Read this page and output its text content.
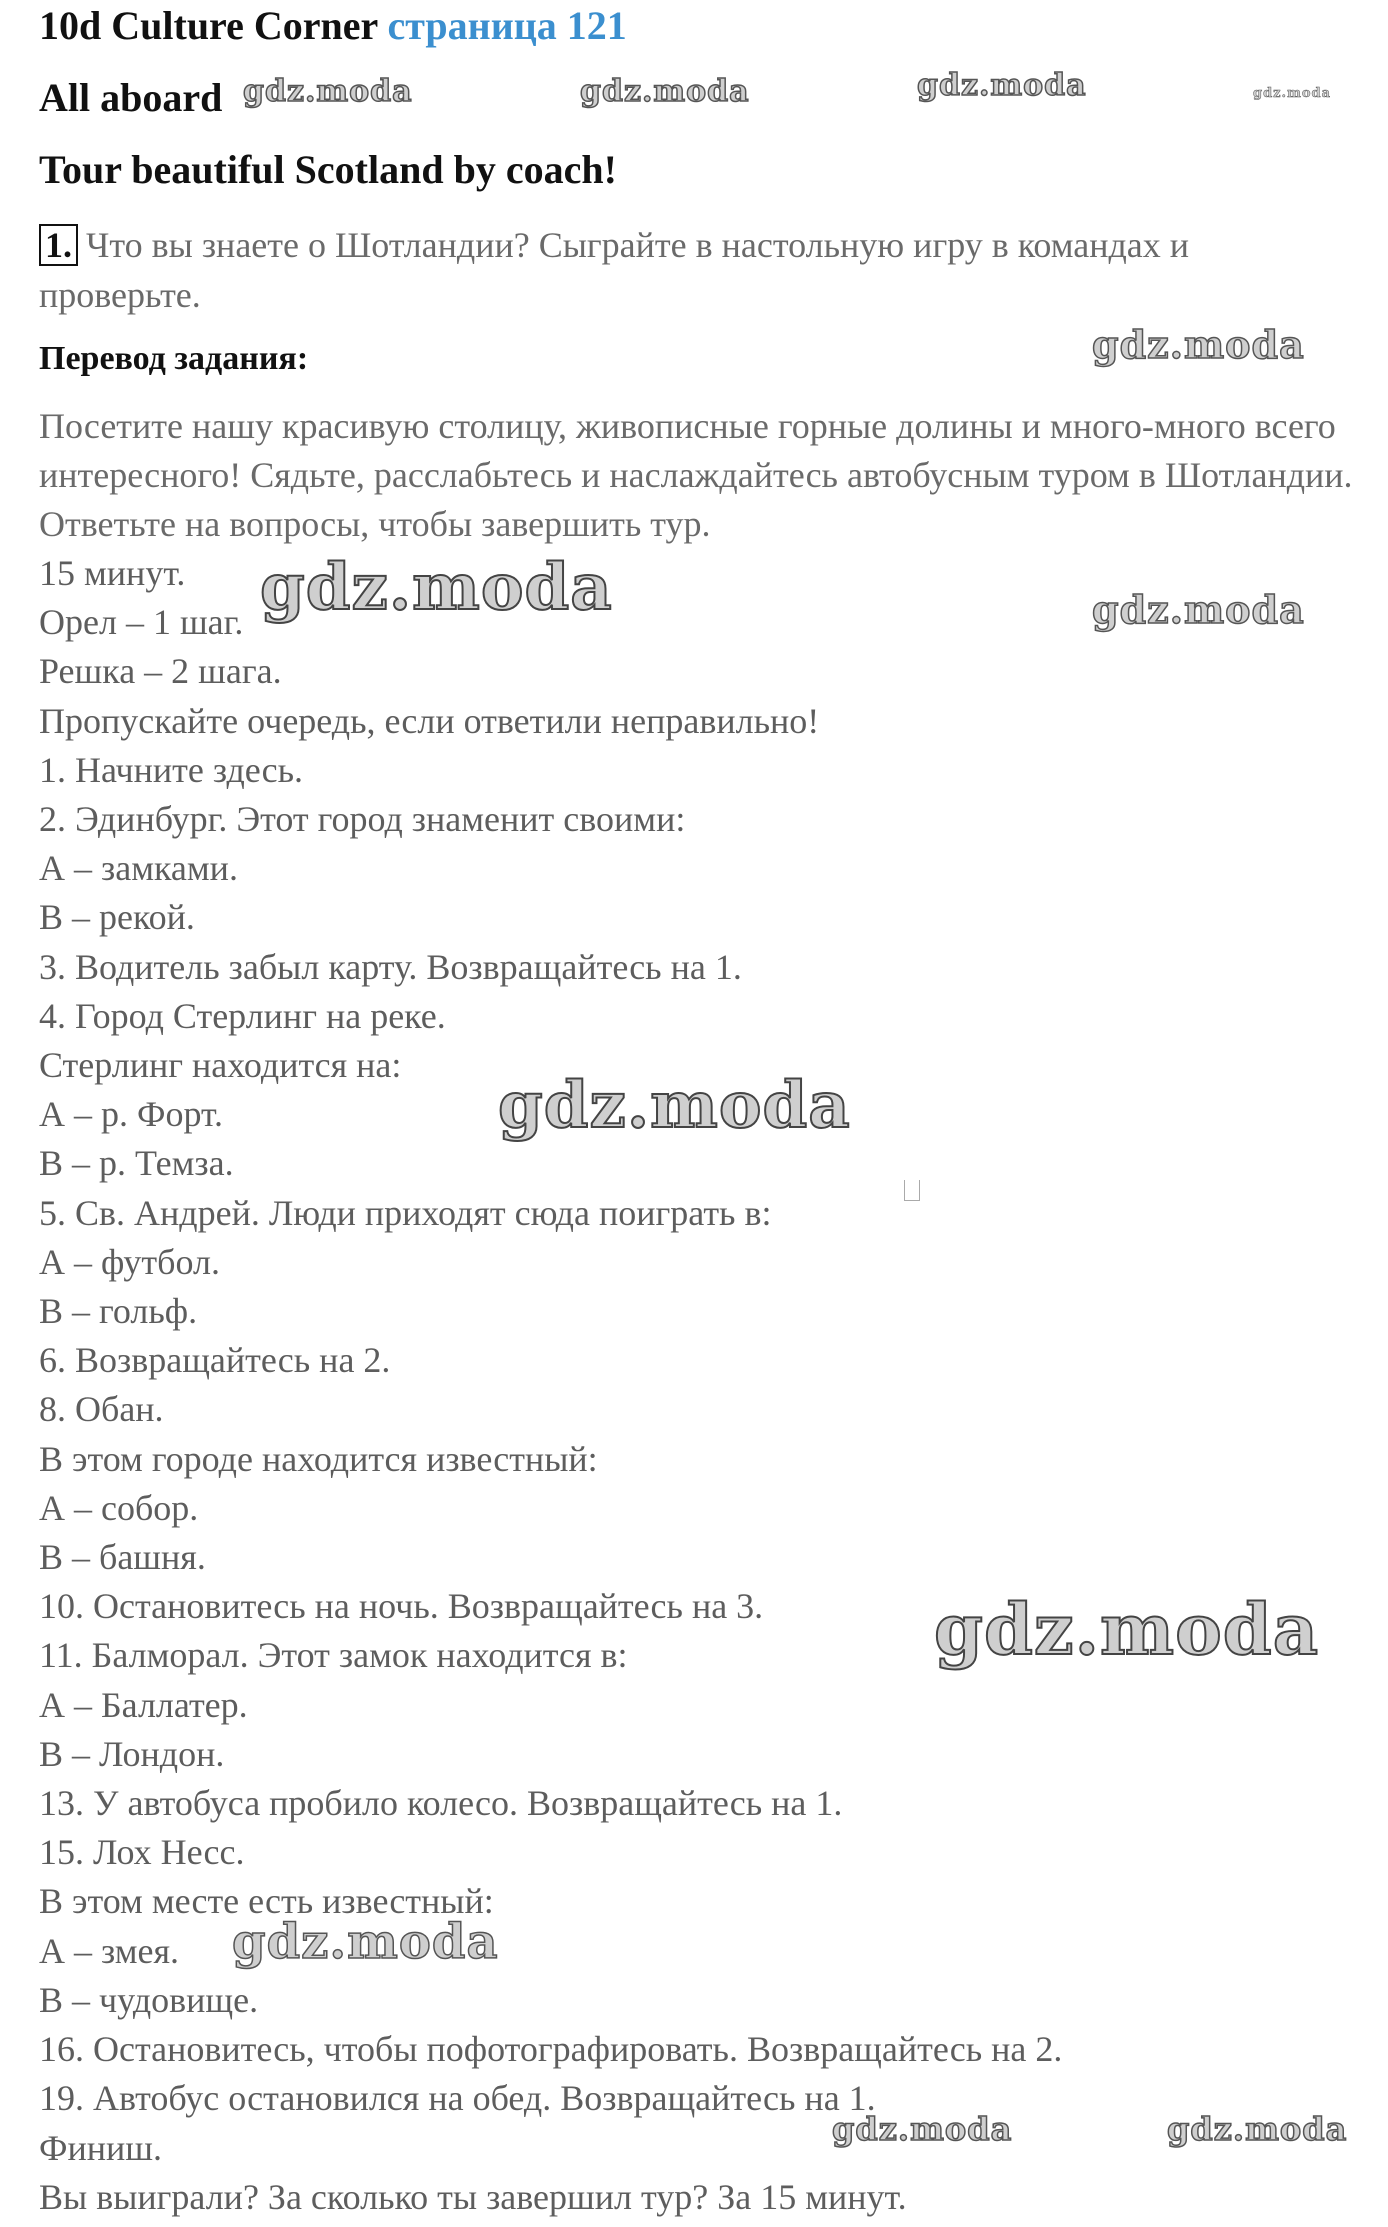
10d Culture Corner страница 121
All aboard
Tour beautiful Scotland by coach!
1. Что вы знаете о Шотландии? Сыграйте в настольную игру в командах и проверьте.
Перевод задания:
Посетите нашу красивую столицу, живописные горные долины и много-много всего интересного! Сядьте, расслабьтесь и наслаждайтесь автобусным туром в Шотландии. Ответьте на вопросы, чтобы завершить тур.
15 минут.
Орел – 1 шаг.
Решка – 2 шага.
Пропускайте очередь, если ответили неправильно!
1. Начните здесь.
2. Эдинбург. Этот город знаменит своими:
А – замками.
В – рекой.
3. Водитель забыл карту. Возвращайтесь на 1.
4. Город Стерлинг на реке.
Стерлинг находится на:
А – р. Форт.
В – р. Темза.
5. Св. Андрей. Люди приходят сюда поиграть в:
А – футбол.
В – гольф.
6. Возвращайтесь на 2.
8. Обан.
В этом городе находится известный:
А – собор.
В – башня.
10. Остановитесь на ночь. Возвращайтесь на 3.
11. Балморал. Этот замок находится в:
А – Баллатер.
В – Лондон.
13. У автобуса пробило колесо. Возвращайтесь на 1.
15. Лох Несс.
В этом месте есть известный:
А – змея.
В – чудовище.
16. Остановитесь, чтобы пофотографировать. Возвращайтесь на 2.
19. Автобус остановился на обед. Возвращайтесь на 1.
Финиш.
Вы выиграли? За сколько ты завершил тур? За 15 минут.
gdz.moda	gdz.moda	gdz.moda	gdz.moda
gdz.moda
gdz.moda	gdz.moda
gdz.moda
gdz.moda
gdz.moda
gdz.moda	gdz.moda
